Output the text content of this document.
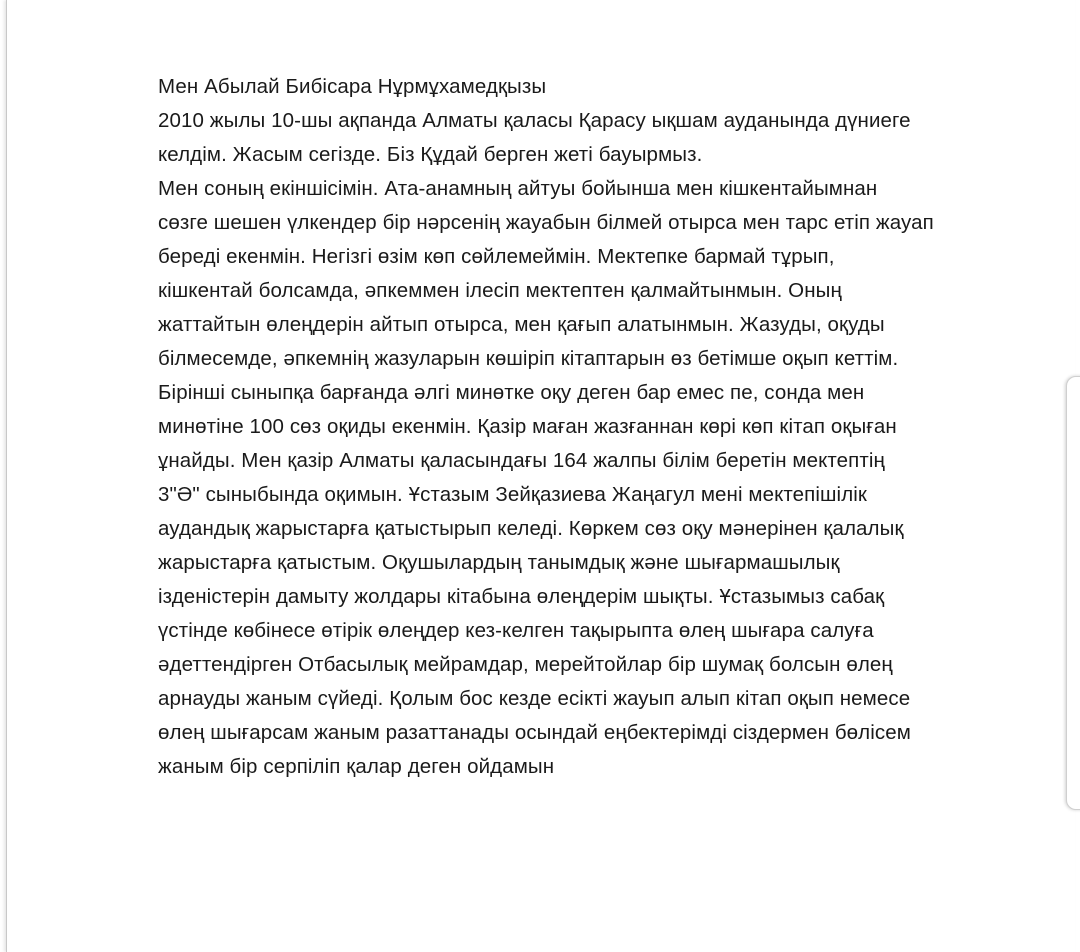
Мен Абылай Бибісара Нұрмұхамедқызы
2010 жылы 10-шы ақпанда Алматы қаласы Қарасу ықшам ауданында дүниеге
келдім. Жасым сегізде. Біз Құдай берген жеті бауырмыз.
Мен соның екіншісімін. Ата-анамның айтуы бойынша мен кішкентайымнан
сөзге шешен үлкендер бір нәрсенің жауабын білмей отырса мен тарс етіп жауап
береді екенмін. Негізгі өзім көп сөйлемеймін. Мектепке бармай тұрып,
кішкентай болсамда, әпкеммен ілесіп мектептен қалмайтынмын. Оның
жаттайтын өлеңдерін айтып отырса, мен қағып алатынмын. Жазуды, оқуды
білмесемде, әпкемнің жазуларын көшіріп кітаптарын өз бетімше оқып кеттім.
Бірінші сыныпқа барғанда әлгі минөтке оқу деген бар емес пе, сонда мен
минөтіне 100 сөз оқиды екенмін. Қазір маған жазғаннан көрі көп кітап оқыған
ұнайды. Мен қазір Алматы қаласындағы 164 жалпы білім беретін мектептің
3"Ә" сыныбында оқимын. Ұстазым Зейқазиева Жаңагул мені мектепішілік
аудандық жарыстарға қатыстырып келеді. Көркем сөз оқу мәнерінен қалалық
жарыстарға қатыстым. Оқушылардың танымдық және шығармашылық
ізденістерін дамыту жолдары кітабына өлеңдерім шықты. Ұстазымыз сабақ
үстінде көбінесе өтірік өлеңдер кез-келген тақырыпта өлең шығара салуға
әдеттендірген Отбасылық мейрамдар, мерейтойлар бір шумақ болсын өлең
арнауды жаным сүйеді. Қолым бос кезде есікті жауып алып кітап оқып немесе
өлең шығарсам жаным разаттанады осындай еңбектерімді сіздермен бөлісем
жаным бір серпіліп қалар деген ойдамын
